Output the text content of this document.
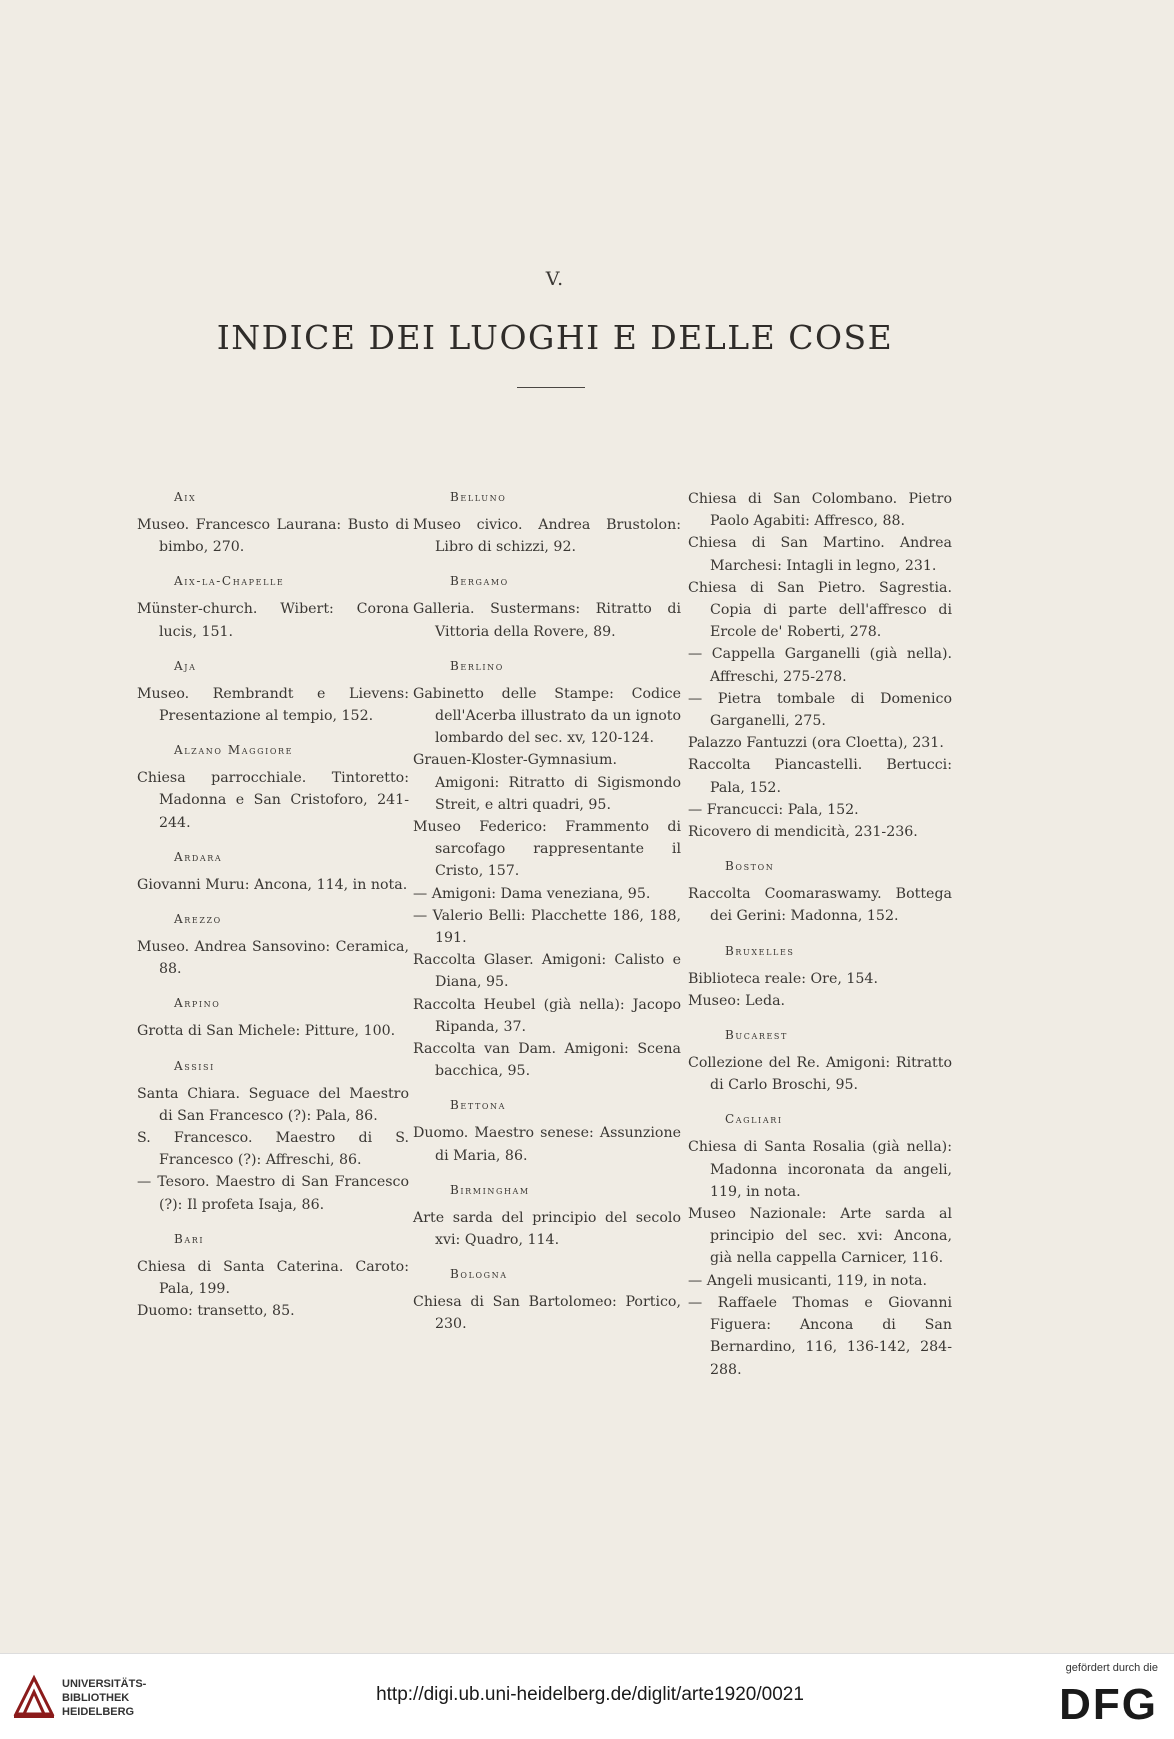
V.
INDICE DEI LUOGHI E DELLE COSE
Aix
Museo. Francesco Laurana: Busto di bimbo, 270.
Aix-la-Chapelle
Münster-church. Wibert: Corona lucis, 151.
Aja
Museo. Rembrandt e Lievens: Presentazione al tempio, 152.
Alzano Maggiore
Chiesa parrocchiale. Tintoretto: Madonna e San Cristoforo, 241-244.
Ardara
Giovanni Muru: Ancona, 114, in nota.
Arezzo
Museo. Andrea Sansovino: Ceramica, 88.
Arpino
Grotta di San Michele: Pitture, 100.
Assisi
Santa Chiara. Seguace del Maestro di San Francesco (?): Pala, 86.
S. Francesco. Maestro di S. Francesco (?): Affreschi, 86.
— Tesoro. Maestro di San Francesco (?): Il profeta Isaja, 86.
Bari
Chiesa di Santa Caterina. Caroto: Pala, 199.
Duomo: transetto, 85.
Belluno
Museo civico. Andrea Brustolon: Libro di schizzi, 92.
Bergamo
Galleria. Sustermans: Ritratto di Vittoria della Rovere, 89.
Berlino
Gabinetto delle Stampe: Codice dell'Acerba illustrato da un ignoto lombardo del sec. xv, 120-124.
Grauen-Kloster-Gymnasium. Amigoni: Ritratto di Sigismondo Streit, e altri quadri, 95.
Museo Federico: Frammento di sarcofago rappresentante il Cristo, 157.
— Amigoni: Dama veneziana, 95.
— Valerio Belli: Placchette 186, 188, 191.
Raccolta Glaser. Amigoni: Calisto e Diana, 95.
Raccolta Heubel (già nella): Jacopo Ripanda, 37.
Raccolta van Dam. Amigoni: Scena bacchica, 95.
Bettona
Duomo. Maestro senese: Assunzione di Maria, 86.
Birmingham
Arte sarda del principio del secolo xvi: Quadro, 114.
Bologna
Chiesa di San Bartolomeo: Portico, 230.
Chiesa di San Colombano. Pietro Paolo Agabiti: Affresco, 88.
Chiesa di San Martino. Andrea Marchesi: Intagli in legno, 231.
Chiesa di San Pietro. Sagrestia. Copia di parte dell'affresco di Ercole de' Roberti, 278.
— Cappella Garganelli (già nella). Affreschi, 275-278.
— Pietra tombale di Domenico Garganelli, 275.
Palazzo Fantuzzi (ora Cloetta), 231.
Raccolta Piancastelli. Bertucci: Pala, 152.
— Francucci: Pala, 152.
Ricovero di mendicità, 231-236.
Boston
Raccolta Coomaraswamy. Bottega dei Gerini: Madonna, 152.
Bruxelles
Biblioteca reale: Ore, 154.
Museo: Leda.
Bucarest
Collezione del Re. Amigoni: Ritratto di Carlo Broschi, 95.
Cagliari
Chiesa di Santa Rosalia (già nella): Madonna incoronata da angeli, 119, in nota.
Museo Nazionale: Arte sarda al principio del sec. xvi: Ancona, già nella cappella Carnicer, 116.
— Angeli musicanti, 119, in nota.
— Raffaele Thomas e Giovanni Figuera: Ancona di San Bernardino, 116, 136-142, 284-288.
UNIVERSITÄTS-
BIBLIOTHEK
HEIDELBERG
http://digi.ub.uni-heidelberg.de/diglit/arte1920/0021
gefördert durch die
DFG
